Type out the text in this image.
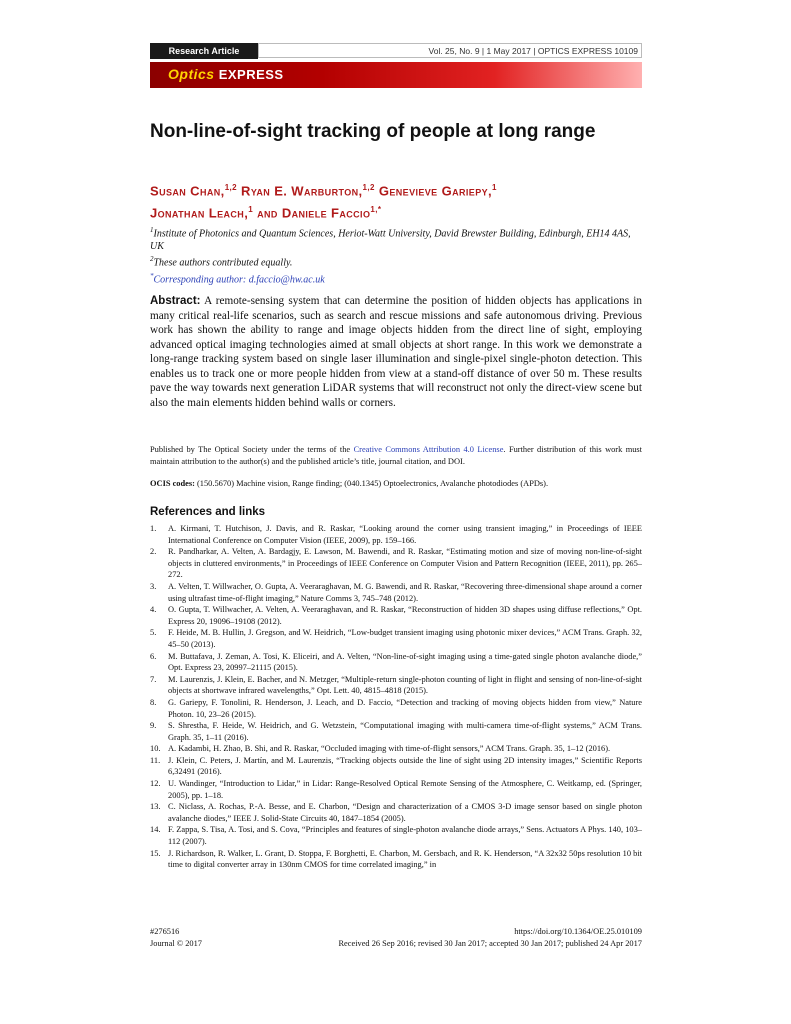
Research Article	Vol. 25, No. 9 | 1 May 2017 | OPTICS EXPRESS 10109
Optics EXPRESS
Non-line-of-sight tracking of people at long range
Susan Chan,$^{1,2}$ Ryan E. Warburton,$^{1,2}$ Genevieve Gariepy,$^1$
Jonathan Leach,$^1$ and Daniele Faccio$^{1,*}$
$^1$Institute of Photonics and Quantum Sciences, Heriot-Watt University, David Brewster Building, Edinburgh, EH14 4AS, UK
$^2$These authors contributed equally.
*Corresponding author: d.faccio@hw.ac.uk
Abstract: A remote-sensing system that can determine the position of hidden objects has applications in many critical real-life scenarios, such as search and rescue missions and safe autonomous driving. Previous work has shown the ability to range and image objects hidden from the direct line of sight, employing advanced optical imaging technologies aimed at small objects at short range. In this work we demonstrate a long-range tracking system based on single laser illumination and single-pixel single-photon detection. This enables us to track one or more people hidden from view at a stand-off distance of over 50 m. These results pave the way towards next generation LiDAR systems that will reconstruct not only the direct-view scene but also the main elements hidden behind walls or corners.
Published by The Optical Society under the terms of the Creative Commons Attribution 4.0 License. Further distribution of this work must maintain attribution to the author(s) and the published article’s title, journal citation, and DOI.
OCIS codes: (150.5670) Machine vision, Range finding; (040.1345) Optoelectronics, Avalanche photodiodes (APDs).
References and links
1. A. Kirmani, T. Hutchison, J. Davis, and R. Raskar, “Looking around the corner using transient imaging,” in Proceedings of IEEE International Conference on Computer Vision (IEEE, 2009), pp. 159–166.
2. R. Pandharkar, A. Velten, A. Bardagjy, E. Lawson, M. Bawendi, and R. Raskar, “Estimating motion and size of moving non-line-of-sight objects in cluttered environments,” in Proceedings of IEEE Conference on Computer Vision and Pattern Recognition (IEEE, 2011), pp. 265–272.
3. A. Velten, T. Willwacher, O. Gupta, A. Veeraraghavan, M. G. Bawendi, and R. Raskar, “Recovering three-dimensional shape around a corner using ultrafast time-of-flight imaging,” Nature Comms 3, 745–748 (2012).
4. O. Gupta, T. Willwacher, A. Velten, A. Veeraraghavan, and R. Raskar, “Reconstruction of hidden 3D shapes using diffuse reflections,” Opt. Express 20, 19096–19108 (2012).
5. F. Heide, M. B. Hullin, J. Gregson, and W. Heidrich, “Low-budget transient imaging using photonic mixer devices,” ACM Trans. Graph. 32, 45–50 (2013).
6. M. Buttafava, J. Zeman, A. Tosi, K. Eliceiri, and A. Velten, “Non-line-of-sight imaging using a time-gated single photon avalanche diode,” Opt. Express 23, 20997–21115 (2015).
7. M. Laurenzis, J. Klein, E. Bacher, and N. Metzger, “Multiple-return single-photon counting of light in flight and sensing of non-line-of-sight objects at shortwave infrared wavelengths,” Opt. Lett. 40, 4815–4818 (2015).
8. G. Gariepy, F. Tonolini, R. Henderson, J. Leach, and D. Faccio, “Detection and tracking of moving objects hidden from view,” Nature Photon. 10, 23–26 (2015).
9. S. Shrestha, F. Heide, W. Heidrich, and G. Wetzstein, “Computational imaging with multi-camera time-of-flight systems,” ACM Trans. Graph. 35, 1–11 (2016).
10. A. Kadambi, H. Zhao, B. Shi, and R. Raskar, “Occluded imaging with time-of-flight sensors,” ACM Trans. Graph. 35, 1–12 (2016).
11. J. Klein, C. Peters, J. Martín, and M. Laurenzis, “Tracking objects outside the line of sight using 2D intensity images,” Scientific Reports 6,32491 (2016).
12. U. Wandinger, “Introduction to Lidar,” in Lidar: Range-Resolved Optical Remote Sensing of the Atmosphere, C. Weitkamp, ed. (Springer, 2005), pp. 1–18.
13. C. Niclass, A. Rochas, P.-A. Besse, and E. Charbon, “Design and characterization of a CMOS 3-D image sensor based on single photon avalanche diodes,” IEEE J. Solid-State Circuits 40, 1847–1854 (2005).
14. F. Zappa, S. Tisa, A. Tosi, and S. Cova, “Principles and features of single-photon avalanche diode arrays,” Sens. Actuators A Phys. 140, 103–112 (2007).
15. J. Richardson, R. Walker, L. Grant, D. Stoppa, F. Borghetti, E. Charbon, M. Gersbach, and R. K. Henderson, “A 32x32 50ps resolution 10 bit time to digital converter array in 130nm CMOS for time correlated imaging,” in
#276516	https://doi.org/10.1364/OE.25.010109
Journal © 2017	Received 26 Sep 2016; revised 30 Jan 2017; accepted 30 Jan 2017; published 24 Apr 2017
